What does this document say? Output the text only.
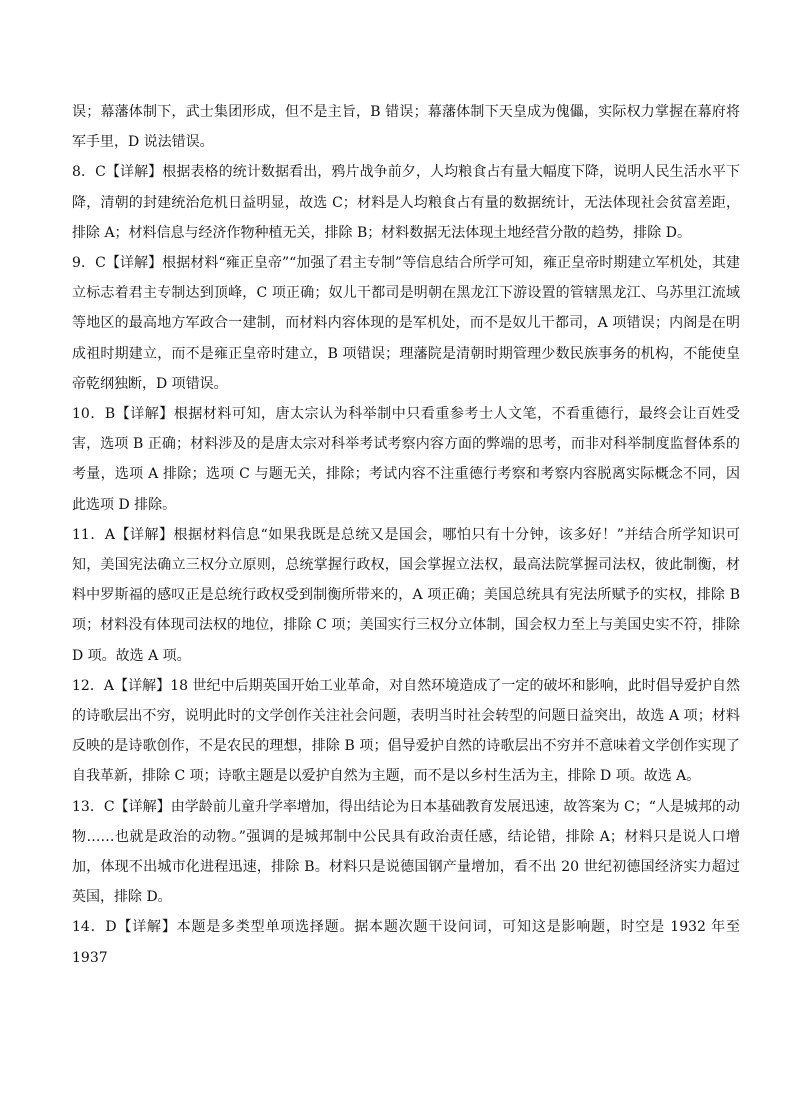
误；幕藩体制下，武士集团形成，但不是主旨，B 错误；幕藩体制下天皇成为傀儡，实际权力掌握在幕府将军手里，D 说法错误。

8．C【详解】根据表格的统计数据看出，鸦片战争前夕，人均粮食占有量大幅度下降，说明人民生活水平下降，清朝的封建统治危机日益明显，故选 C；材料是人均粮食占有量的数据统计，无法体现社会贫富差距，排除 A；材料信息与经济作物种植无关，排除 B；材料数据无法体现土地经营分散的趋势，排除 D。

9．C【详解】根据材料“雍正皇帝”“加强了君主专制”等信息结合所学可知，雍正皇帝时期建立军机处，其建立标志着君主专制达到顶峰，C 项正确；奴儿干都司是明朝在黑龙江下游设置的管辖黑龙江、乌苏里江流域等地区的最高地方军政合一建制，而材料内容体现的是军机处，而不是奴儿干都司，A 项错误；内阁是在明成祖时期建立，而不是雍正皇帝时建立，B 项错误；理藩院是清朝时期管理少数民族事务的机构，不能使皇帝乾纲独断，D 项错误。

10．B【详解】根据材料可知，唐太宗认为科举制中只看重参考士人文笔，不看重德行，最终会让百姓受害，选项 B 正确；材料涉及的是唐太宗对科举考试考察内容方面的弊端的思考，而非对科举制度监督体系的考量，选项 A 排除；选项 C 与题无关，排除；考试内容不注重德行考察和考察内容脱离实际概念不同，因此选项 D 排除。

11．A【详解】根据材料信息“如果我既是总统又是国会，哪怕只有十分钟，该多好！”并结合所学知识可知，美国宪法确立三权分立原则，总统掌握行政权，国会掌握立法权，最高法院掌握司法权，彼此制衡，材料中罗斯福的感叹正是总统行政权受到制衡所带来的，A 项正确；美国总统具有宪法所赋予的实权，排除 B 项；材料没有体现司法权的地位，排除 C 项；美国实行三权分立体制，国会权力至上与美国史实不符，排除 D 项。故选 A 项。

12．A【详解】18 世纪中后期英国开始工业革命，对自然环境造成了一定的破坏和影响，此时倡导爱护自然的诗歌层出不穷，说明此时的文学创作关注社会问题，表明当时社会转型的问题日益突出，故选 A 项；材料反映的是诗歌创作，不是农民的理想，排除 B 项；倡导爱护自然的诗歌层出不穷并不意味着文学创作实现了自我革新，排除 C 项；诗歌主题是以爱护自然为主题，而不是以乡村生活为主，排除 D 项。故选 A。

13．C【详解】由学龄前儿童升学率增加，得出结论为日本基础教育发展迅速，故答案为 C；“人是城邦的动物……也就是政治的动物。”强调的是城邦制中公民具有政治责任感，结论错，排除 A；材料只是说人口增加，体现不出城市化进程迅速，排除 B。材料只是说德国钢产量增加，看不出 20 世纪初德国经济实力超过英国，排除 D。

14．D【详解】本题是多类型单项选择题。据本题次题干设问词，可知这是影响题，时空是 1932 年至 1937
